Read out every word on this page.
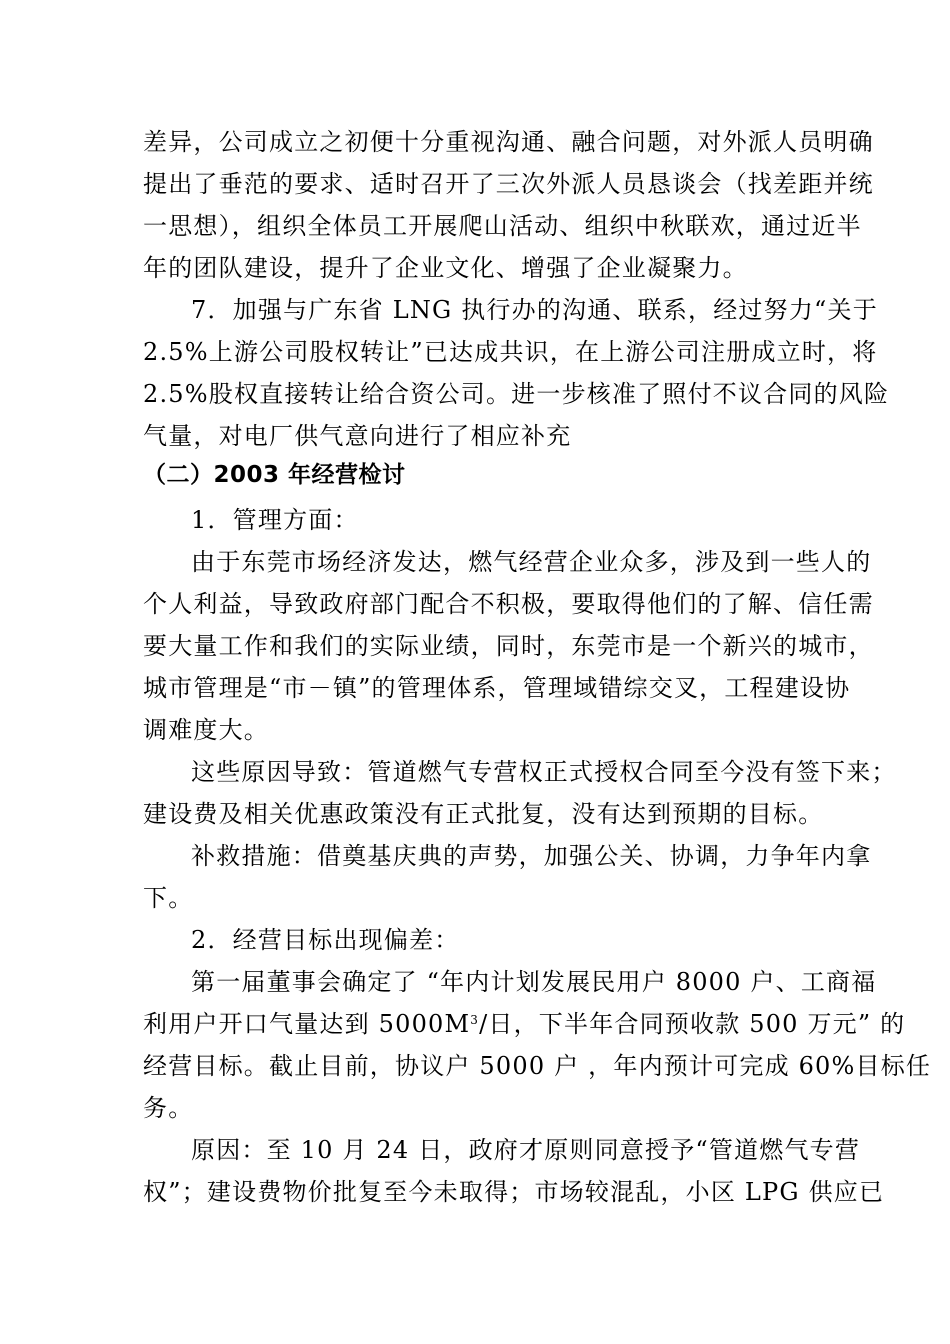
差异，公司成立之初便十分重视沟通、融合问题，对外派人员明确
提出了垂范的要求、适时召开了三次外派人员恳谈会（找差距并统
一思想），组织全体员工开展爬山活动、组织中秋联欢，通过近半
年的团队建设，提升了企业文化、增强了企业凝聚力。
7．加强与广东省 LNG 执行办的沟通、联系，经过努力“关于
2.5%上游公司股权转让”已达成共识，在上游公司注册成立时，将
2.5%股权直接转让给合资公司。进一步核准了照付不议合同的风险
气量，对电厂供气意向进行了相应补充
（二）2003 年经营检讨
1．管理方面：
由于东莞市场经济发达，燃气经营企业众多，涉及到一些人的
个人利益，导致政府部门配合不积极，要取得他们的了解、信任需
要大量工作和我们的实际业绩，同时，东莞市是一个新兴的城市，
城市管理是“市－镇”的管理体系，管理域错综交叉，工程建设协
调难度大。
这些原因导致：管道燃气专营权正式授权合同至今没有签下来；
建设费及相关优惠政策没有正式批复，没有达到预期的目标。
补救措施：借奠基庆典的声势，加强公关、协调，力争年内拿
下。
2．经营目标出现偏差：
第一届董事会确定了 “年内计划发展民用户 8000 户、工商福
利用户开口气量达到 $5000M^3/$日，下半年合同预收款 500 万元” 的
经营目标。截止目前，协议户 5000 户 ，年内预计可完成 60%目标任
务。
原因：至 10 月 24 日，政府才原则同意授予“管道燃气专营
权”；建设费物价批复至今未取得；市场较混乱，小区 LPG 供应已
